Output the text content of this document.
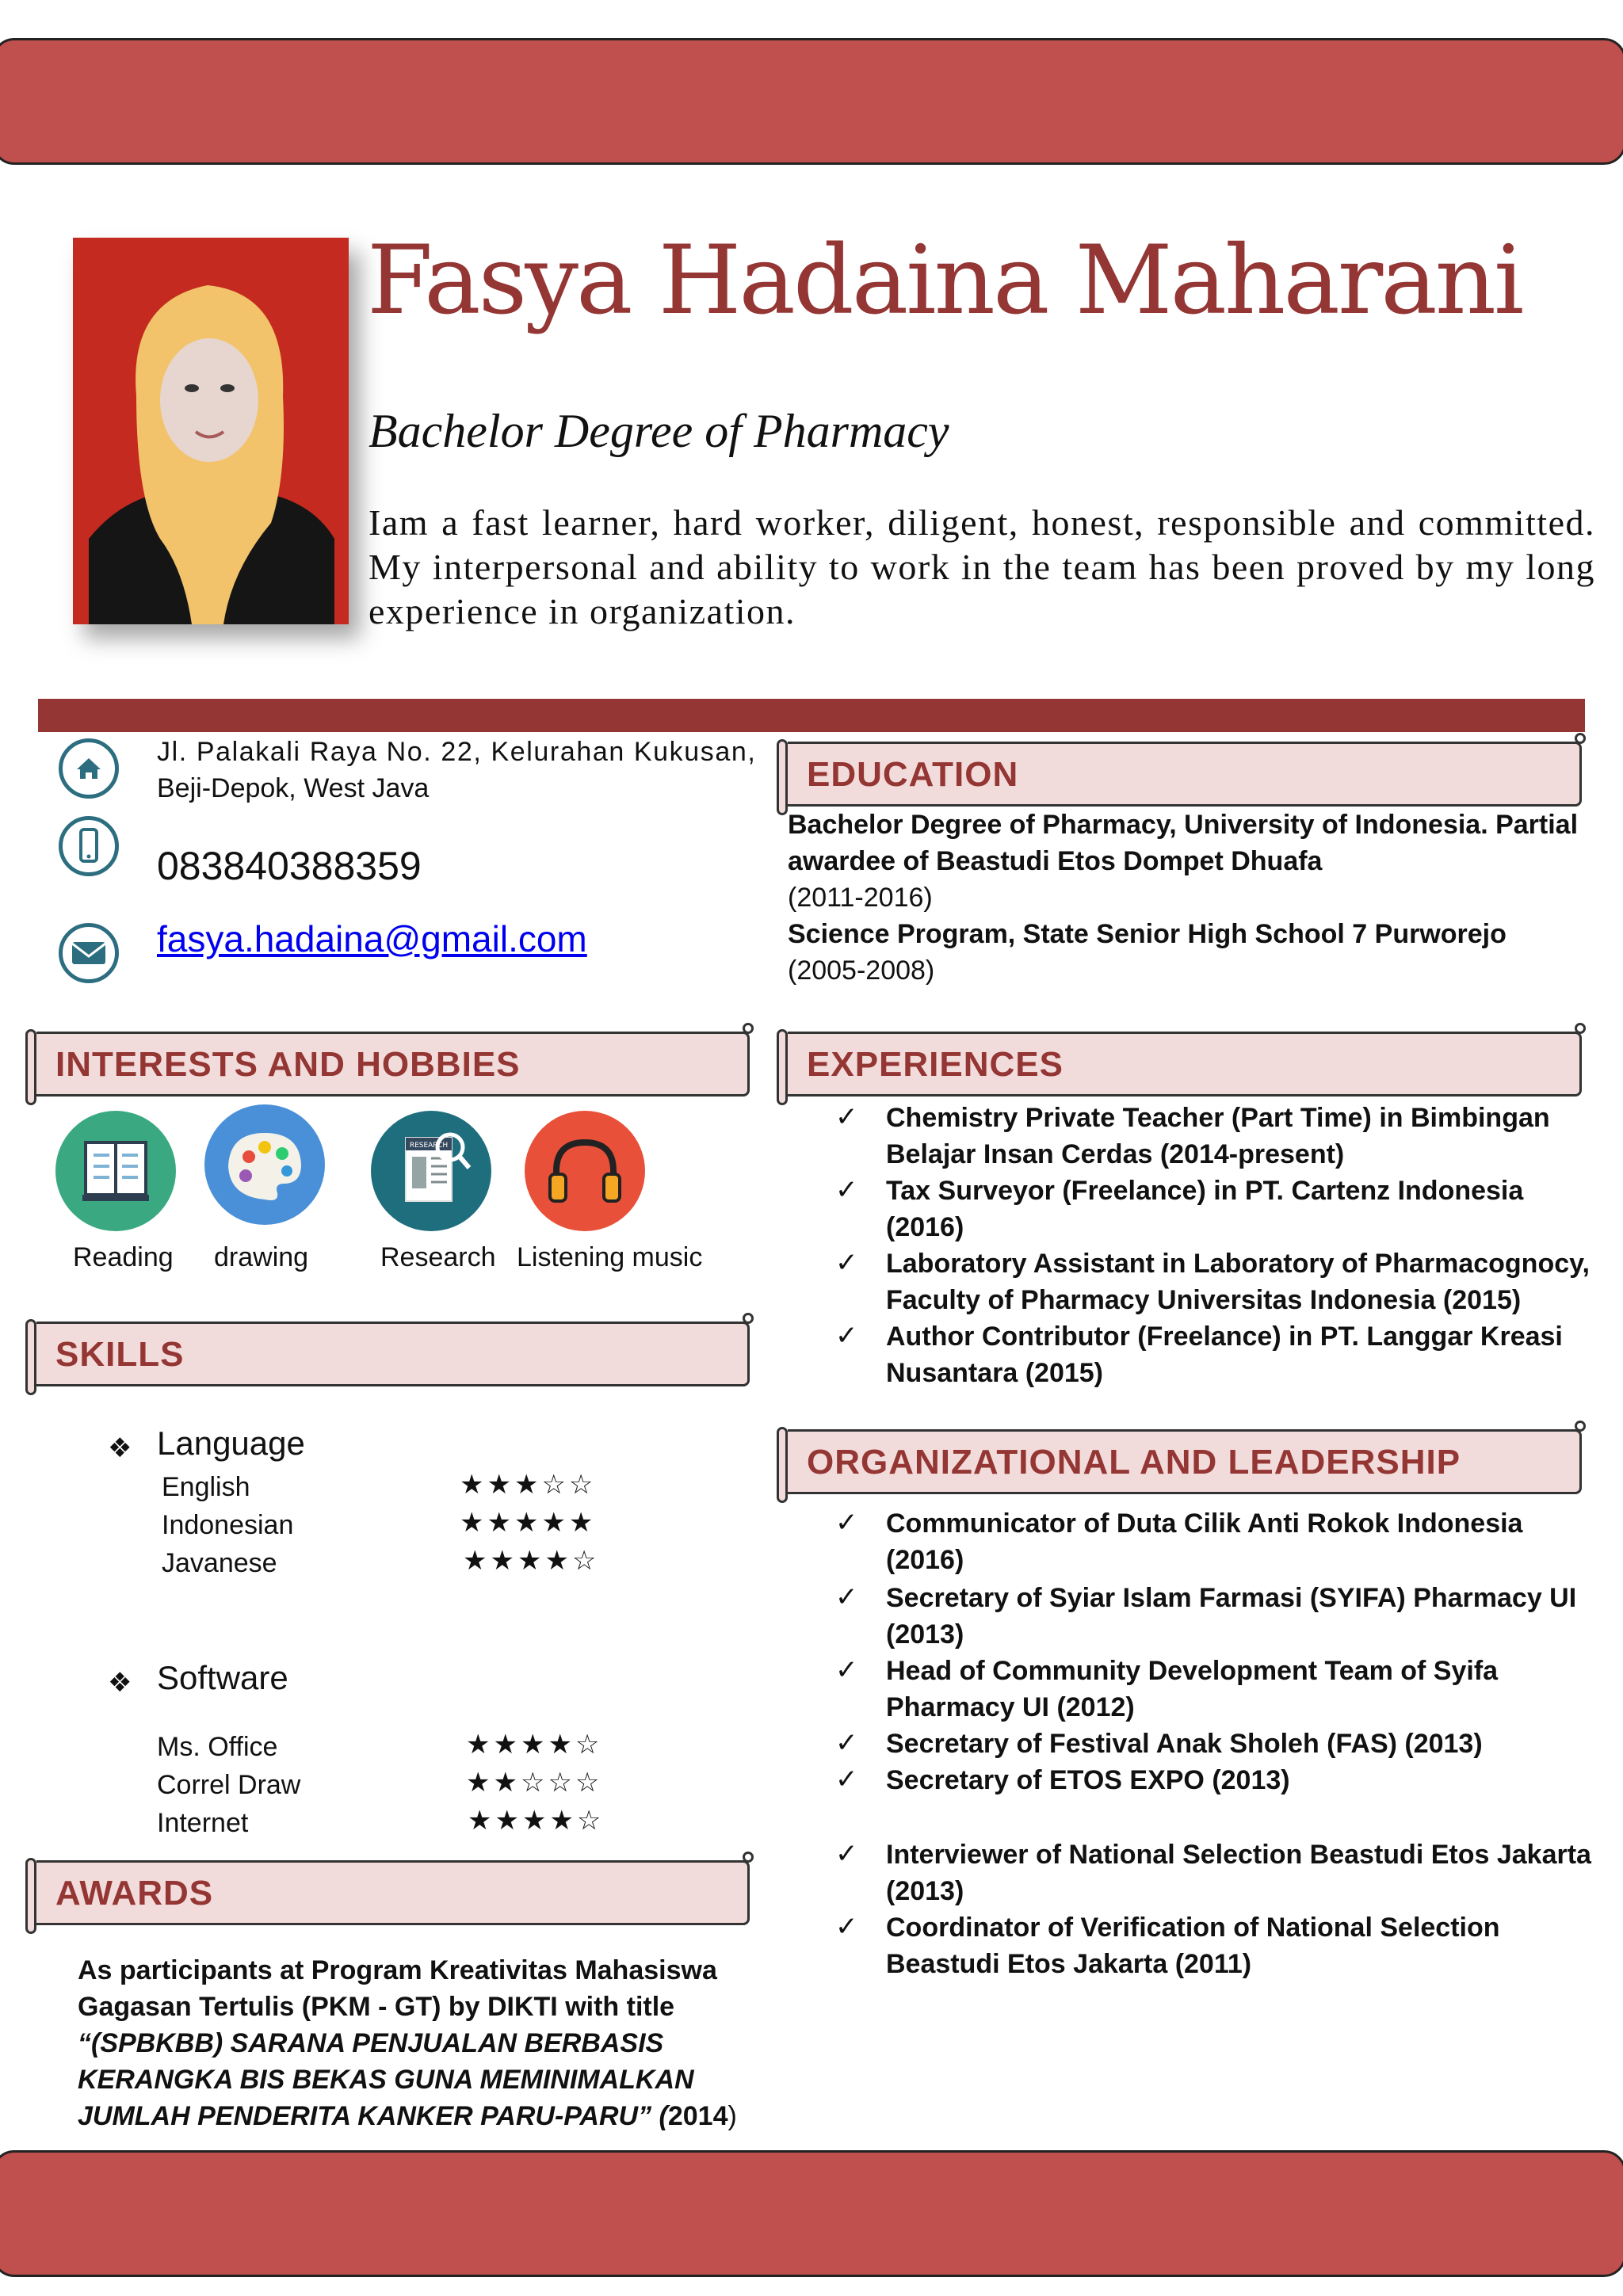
Fasya Hadaina Maharani
Bachelor Degree of Pharmacy
Iam a fast learner, hard worker, diligent, honest, responsible and committed. My interpersonal and ability to work in the team has been proved by my long experience in organization.
Jl. Palakali Raya No. 22, Kelurahan Kukusan,
Beji-Depok, West Java
083840388359
fasya.hadaina@gmail.com
EDUCATION
Bachelor Degree of Pharmacy, University of Indonesia. Partial
awardee of Beastudi Etos Dompet Dhuafa
(2011-2016)
Science Program, State Senior High School 7 Purworejo
(2005-2008)
INTERESTS AND HOBBIES
RESEARCH
Reading drawing	Research Listening music
EXPERIENCES
✓ Chemistry Private Teacher (Part Time) in Bimbingan
Belajar Insan Cerdas (2014-present)
✓ Tax Surveyor (Freelance) in PT. Cartenz Indonesia
(2016)
✓ Laboratory Assistant in Laboratory of Pharmacognocy,
Faculty of Pharmacy Universitas Indonesia (2015)
✓ Author Contributor (Freelance) in PT. Langgar Kreasi
Nusantara (2015)
SKILLS
❖ Language
English	★★★☆☆
Indonesian	★★★★★
Javanese	★★★★☆
❖ Software
Ms. Office	★★★★☆
Correl Draw	★★☆☆☆
Internet	★★★★☆
ORGANIZATIONAL AND LEADERSHIP
✓ Communicator of Duta Cilik Anti Rokok Indonesia
(2016)
✓ Secretary of Syiar Islam Farmasi (SYIFA) Pharmacy UI
(2013)
✓ Head of Community Development Team of Syifa
Pharmacy UI (2012)
✓ Secretary of Festival Anak Sholeh (FAS) (2013)
✓ Secretary of ETOS EXPO (2013)
✓ Interviewer of National Selection Beastudi Etos Jakarta
(2013)
✓ Coordinator of Verification of National Selection
Beastudi Etos Jakarta (2011)
AWARDS
As participants at Program Kreativitas Mahasiswa
Gagasan Tertulis (PKM - GT) by DIKTI with title
“(SPBKBB) SARANA PENJUALAN BERBASIS
KERANGKA BIS BEKAS GUNA MEMINIMALKAN
JUMLAH PENDERITA KANKER PARU-PARU” (2014)
